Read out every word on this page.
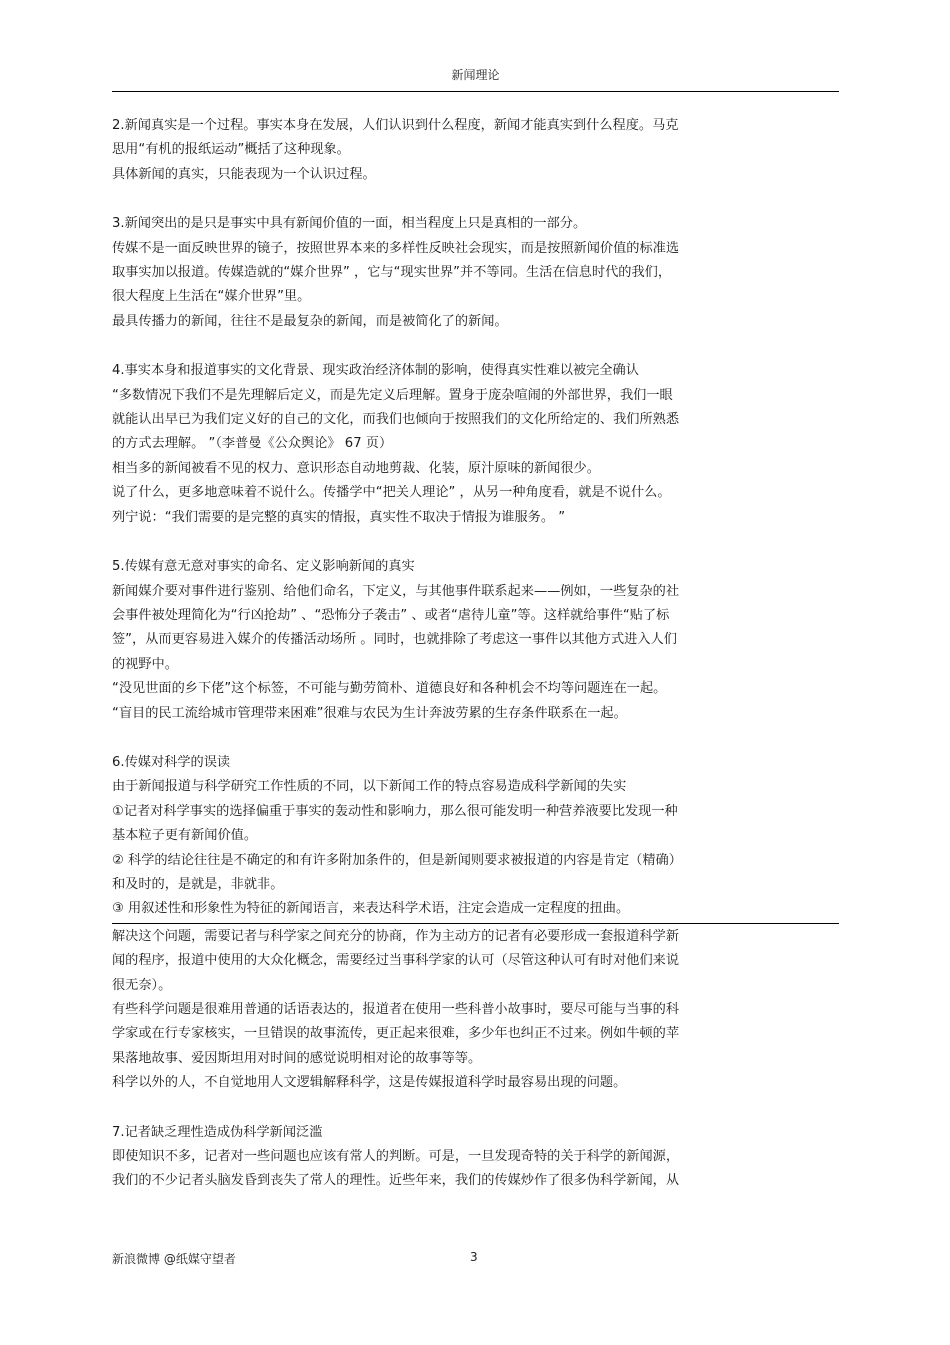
新闻理论

2.新闻真实是一个过程。事实本身在发展，人们认识到什么程度，新闻才能真实到什么程度。马克

思用“有机的报纸运动”概括了这种现象。

具体新闻的真实，只能表现为一个认识过程。

3.新闻突出的是只是事实中具有新闻价值的一面，相当程度上只是真相的一部分。

传媒不是一面反映世界的镜子，按照世界本来的多样性反映社会现实，而是按照新闻价值的标准选

取事实加以报道。传媒造就的“媒介世界” ，它与“现实世界”并不等同。生活在信息时代的我们，

很大程度上生活在“媒介世界”里。

最具传播力的新闻，往往不是最复杂的新闻，而是被简化了的新闻。

4.事实本身和报道事实的文化背景、现实政治经济体制的影响，使得真实性难以被完全确认

“多数情况下我们不是先理解后定义，而是先定义后理解。置身于庞杂喧闹的外部世界，我们一眼

就能认出早已为我们定义好的自己的文化，而我们也倾向于按照我们的文化所给定的、我们所熟悉

的方式去理解。 ”（李普曼《公众舆论》 67 页）

相当多的新闻被看不见的权力、意识形态自动地剪裁、化装，原汁原味的新闻很少。

说了什么，更多地意味着不说什么。传播学中“把关人理论” ，从另一种角度看，就是不说什么。

列宁说：“我们需要的是完整的真实的情报，真实性不取决于情报为谁服务。 ”

5.传媒有意无意对事实的命名、定义影响新闻的真实

新闻媒介要对事件进行鉴别、给他们命名，下定义，与其他事件联系起来——例如，一些复杂的社

会事件被处理简化为“行凶抢劫” 、“恐怖分子袭击” 、或者“虐待儿童”等。这样就给事件“贴了标

签”，从而更容易进入媒介的传播活动场所 。同时，也就排除了考虑这一事件以其他方式进入人们

的视野中。

“没见世面的乡下佬”这个标签，不可能与勤劳简朴、道德良好和各种机会不均等问题连在一起。

“盲目的民工流给城市管理带来困难”很难与农民为生计奔波劳累的生存条件联系在一起。

6.传媒对科学的误读

由于新闻报道与科学研究工作性质的不同，以下新闻工作的特点容易造成科学新闻的失实

①记者对科学事实的选择偏重于事实的轰动性和影响力，那么很可能发明一种营养液要比发现一种

基本粒子更有新闻价值。

② 科学的结论往往是不确定的和有许多附加条件的，但是新闻则要求被报道的内容是肯定（精确）

和及时的，是就是，非就非。

③ 用叙述性和形象性为特征的新闻语言，来表达科学术语，注定会造成一定程度的扭曲。

解决这个问题，需要记者与科学家之间充分的协商，作为主动方的记者有必要形成一套报道科学新

闻的程序，报道中使用的大众化概念，需要经过当事科学家的认可（尽管这种认可有时对他们来说

很无奈）。

有些科学问题是很难用普通的话语表达的，报道者在使用一些科普小故事时，要尽可能与当事的科

学家或在行专家核实，一旦错误的故事流传，更正起来很难，多少年也纠正不过来。例如牛顿的苹

果落地故事、爱因斯坦用对时间的感觉说明相对论的故事等等。

科学以外的人，不自觉地用人文逻辑解释科学，这是传媒报道科学时最容易出现的问题。

7.记者缺乏理性造成伪科学新闻泛滥

即使知识不多，记者对一些问题也应该有常人的判断。可是，一旦发现奇特的关于科学的新闻源，

我们的不少记者头脑发昏到丧失了常人的理性。近些年来，我们的传媒炒作了很多伪科学新闻，从

新浪微博 @纸媒守望者	3
